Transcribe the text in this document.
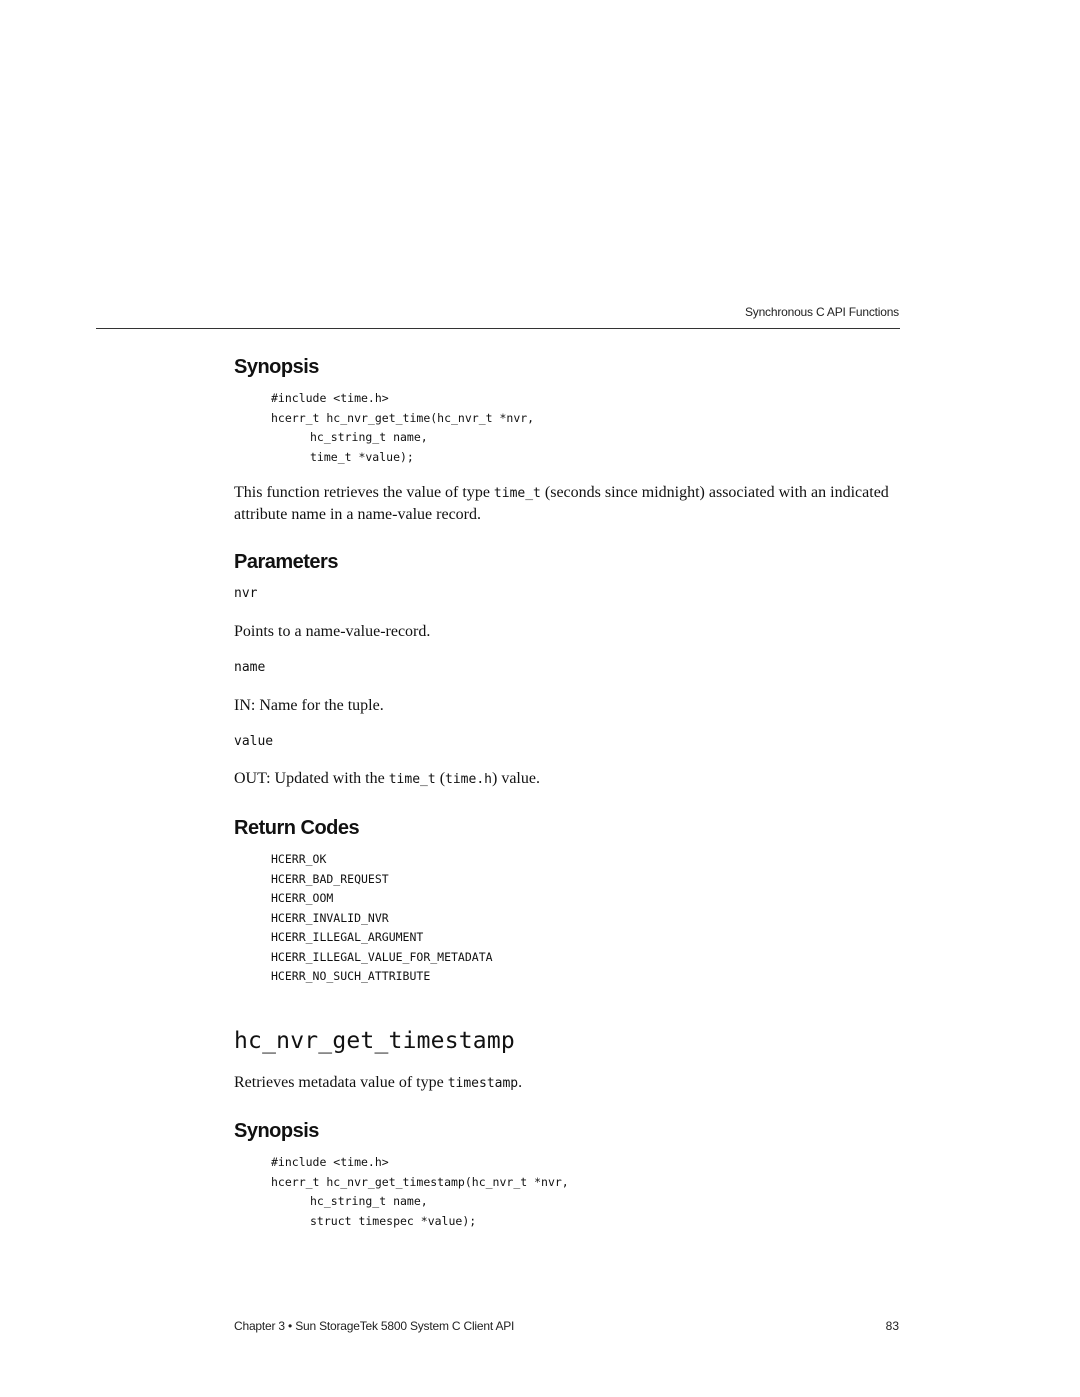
Synchronous C API Functions
Synopsis
#include <time.h>
hcerr_t hc_nvr_get_time(hc_nvr_t *nvr,
hc_string_t name,
time_t *value);
This function retrieves the value of type time_t (seconds since midnight) associated with an indicated attribute name in a name-value record.
Parameters
nvr
Points to a name-value-record.
name
IN: Name for the tuple.
value
OUT: Updated with the time_t (time.h) value.
Return Codes
HCERR_OK
HCERR_BAD_REQUEST
HCERR_OOM
HCERR_INVALID_NVR
HCERR_ILLEGAL_ARGUMENT
HCERR_ILLEGAL_VALUE_FOR_METADATA
HCERR_NO_SUCH_ATTRIBUTE
hc_nvr_get_timestamp
Retrieves metadata value of type timestamp.
Synopsis
#include <time.h>
hcerr_t hc_nvr_get_timestamp(hc_nvr_t *nvr,
hc_string_t name,
struct timespec *value);
Chapter 3 • Sun StorageTek 5800 System C Client API	83
